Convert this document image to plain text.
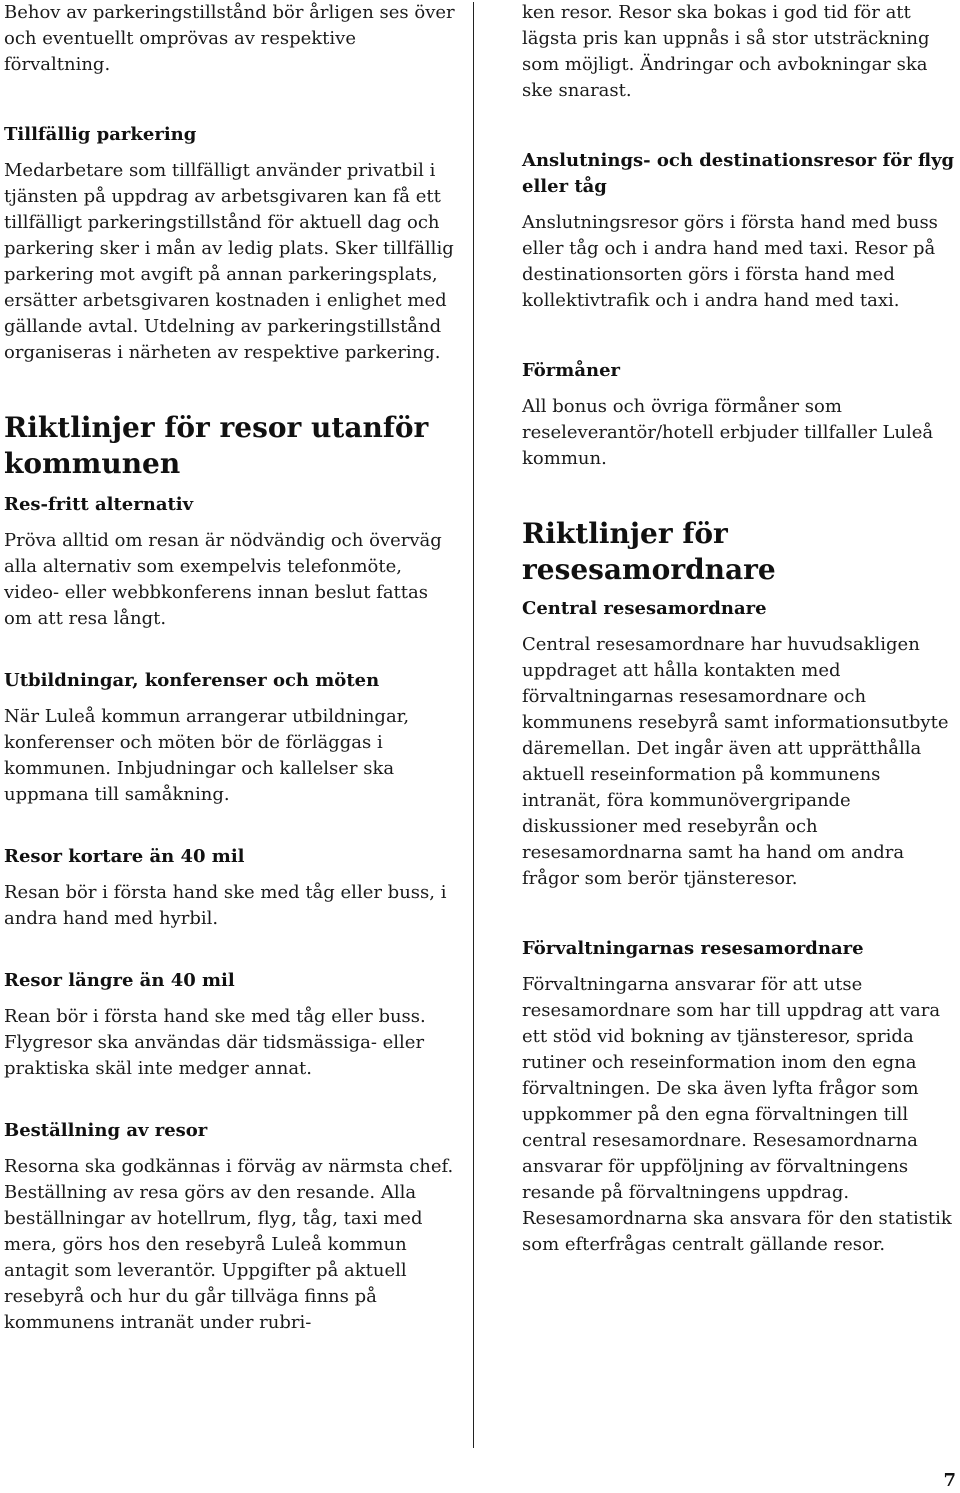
Behov av parkeringstillstånd bör årligen ses över och eventuellt omprövas av respektive förvaltning.

Tillfällig parkering

Medarbetare som tillfälligt använder privatbil i tjänsten på uppdrag av arbetsgivaren kan få ett tillfälligt parkeringstillstånd för aktuell dag och parkering sker i mån av ledig plats. Sker tillfällig parkering mot avgift på annan parkeringsplats, ersätter arbetsgivaren kostnaden i enlighet med gällande avtal. Utdelning av parkeringstillstånd organiseras i närheten av respektive parkering.

Riktlinjer för resor utanför kommunen
Res-fritt alternativ

Pröva alltid om resan är nödvändig och överväg alla alternativ som exempelvis telefonmöte, video- eller webbkonferens innan beslut fattas om att resa långt.

Utbildningar, konferenser och möten

När Luleå kommun arrangerar utbildningar, konferenser och möten bör de förläggas i kommunen. Inbjudningar och kallelser ska uppmana till samåkning.

Resor kortare än 40 mil

Resan bör i första hand ske med tåg eller buss, i andra hand med hyrbil.

Resor längre än 40 mil

Rean bör i första hand ske med tåg eller buss. Flygresor ska användas där tidsmässiga- eller praktiska skäl inte medger annat.

Beställning av resor

Resorna ska godkännas i förväg av närmsta chef. Beställning av resa görs av den resande. Alla beställningar av hotellrum, flyg, tåg, taxi med mera, görs hos den resebyrå Luleå kommun antagit som leverantör. Uppgifter på aktuell resebyrå och hur du går tillväga finns på kommunens intranät under rubri-

ken resor. Resor ska bokas i god tid för att lägsta pris kan uppnås i så stor utsträckning som möjligt. Ändringar och avbokningar ska ske snarast.

Anslutnings- och destinationsresor för flyg eller tåg

Anslutningsresor görs i första hand med buss eller tåg och i andra hand med taxi. Resor på destinationsorten görs i första hand med kollektivtrafik och i andra hand med taxi.

Förmåner

All bonus och övriga förmåner som reseleverantör/hotell erbjuder tillfaller Luleå kommun.

Riktlinjer för resesamordnare
Central resesamordnare

Central resesamordnare har huvudsakligen uppdraget att hålla kontakten med förvaltningarnas resesamordnare och kommunens resebyrå samt informationsutbyte däremellan. Det ingår även att upprätthålla aktuell reseinformation på kommunens intranät, föra kommunövergripande diskussioner med resebyrån och resesamordnarna samt ha hand om andra frågor som berör tjänsteresor.

Förvaltningarnas resesamordnare

Förvaltningarna ansvarar för att utse resesamordnare som har till uppdrag att vara ett stöd vid bokning av tjänsteresor, sprida rutiner och reseinformation inom den egna förvaltningen. De ska även lyfta frågor som uppkommer på den egna förvaltningen till central resesamordnare. Resesamordnarna ansvarar för uppföljning av förvaltningens resande på förvaltningens uppdrag. Resesamordnarna ska ansvara för den statistik som efterfrågas centralt gällande resor.

7
